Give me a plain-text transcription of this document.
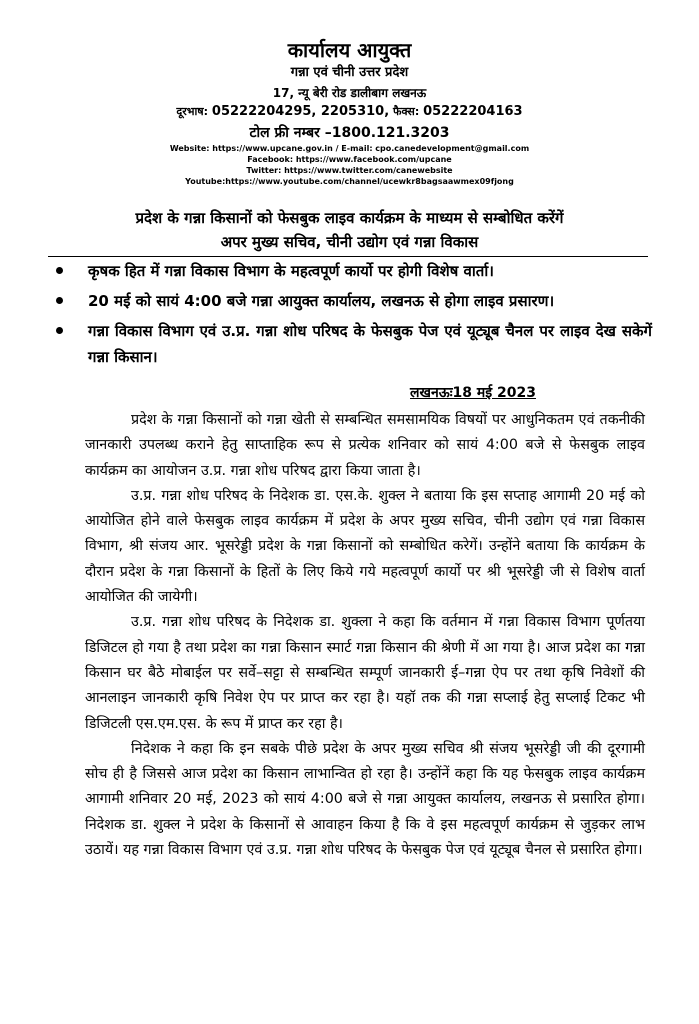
कार्यालय आयुक्त
गन्ना एवं चीनी उत्तर प्रदेश
17, न्यू बेरी रोड डालीबाग लखनऊ
दूरभाष: 05222204295, 2205310, फैक्स: 05222204163
टोल फ्री नम्बर –1800.121.3203
Website: https://www.upcane.gov.in / E-mail: cpo.canedevelopment@gmail.com
Facebook: https://www.facebook.com/upcane
Twitter: https://www.twitter.com/canewebsite
Youtube:https://www.youtube.com/channel/ucewkr8bagsaawmex09fjong
प्रदेश के गन्ना किसानों को फेसबुक लाइव कार्यक्रम के माध्यम से सम्बोधित करेंगें
अपर मुख्य सचिव, चीनी उद्योग एवं गन्ना विकास
कृषक हित में गन्ना विकास विभाग के महत्वपूर्ण कार्यो पर होगी विशेष वार्ता।
20 मई को सायं 4:00 बजे गन्ना आयुक्त कार्यालय, लखनऊ से होगा लाइव प्रसारण।
गन्ना विकास विभाग एवं उ.प्र. गन्ना शोध परिषद के फेसबुक पेज एवं यूट्यूब चैनल पर लाइव देख सकेगें गन्ना किसान।
लखनऊः18 मई 2023

प्रदेश के गन्ना किसानों को गन्ना खेती से सम्बन्धित समसामयिक विषयों पर आधुनिकतम एवं तकनीकी जानकारी उपलब्ध कराने हेतु साप्ताहिक रूप से प्रत्येक शनिवार को सायं 4:00 बजे से फेसबुक लाइव कार्यक्रम का आयोजन उ.प्र. गन्ना शोध परिषद द्वारा किया जाता है।

उ.प्र. गन्ना शोध परिषद के निदेशक डा. एस.के. शुक्ल ने बताया कि इस सप्ताह आगामी 20 मई को आयोजित होने वाले फेसबुक लाइव कार्यक्रम में प्रदेश के अपर मुख्य सचिव, चीनी उद्योग एवं गन्ना विकास विभाग, श्री संजय आर. भूसरेड्डी प्रदेश के गन्ना किसानों को सम्बोधित करेगें। उन्होंने बताया कि कार्यक्रम के दौरान प्रदेश के गन्ना किसानों के हितों के लिए किये गये महत्वपूर्ण कार्यो पर श्री भूसरेड्डी जी से विशेष वार्ता आयोजित की जायेगी।

उ.प्र. गन्ना शोध परिषद के निदेशक डा. शुक्ला ने कहा कि वर्तमान में गन्ना विकास विभाग पूर्णतया डिजिटल हो गया है तथा प्रदेश का गन्ना किसान स्मार्ट गन्ना किसान की श्रेणी में आ गया है। आज प्रदेश का गन्ना किसान घर बैठे मोबाईल पर सर्वे–सट्टा से सम्बन्धित सम्पूर्ण जानकारी ई–गन्ना ऐप पर तथा कृषि निवेशों की आनलाइन जानकारी कृषि निवेश ऐप पर प्राप्त कर रहा है। यहॉ तक की गन्ना सप्लाई हेतु सप्लाई टिकट भी डिजिटली एस.एम.एस. के रूप में प्राप्त कर रहा है।

निदेशक ने कहा कि इन सबके पीछे प्रदेश के अपर मुख्य सचिव श्री संजय भूसरेड्डी जी की दूरगामी सोच ही है जिससे आज प्रदेश का किसान लाभान्वित हो रहा है। उन्होंनें कहा कि यह फेसबुक लाइव कार्यक्रम आगामी शनिवार 20 मई, 2023 को सायं 4:00 बजे से गन्ना आयुक्त कार्यालय, लखनऊ से प्रसारित होगा। निदेशक डा. शुक्ल ने प्रदेश के किसानों से आवाहन किया है कि वे इस महत्वपूर्ण कार्यक्रम से जुड़कर लाभ उठायें। यह गन्ना विकास विभाग एवं उ.प्र. गन्ना शोध परिषद के फेसबुक पेज एवं यूट्यूब चैनल से प्रसारित होगा।
